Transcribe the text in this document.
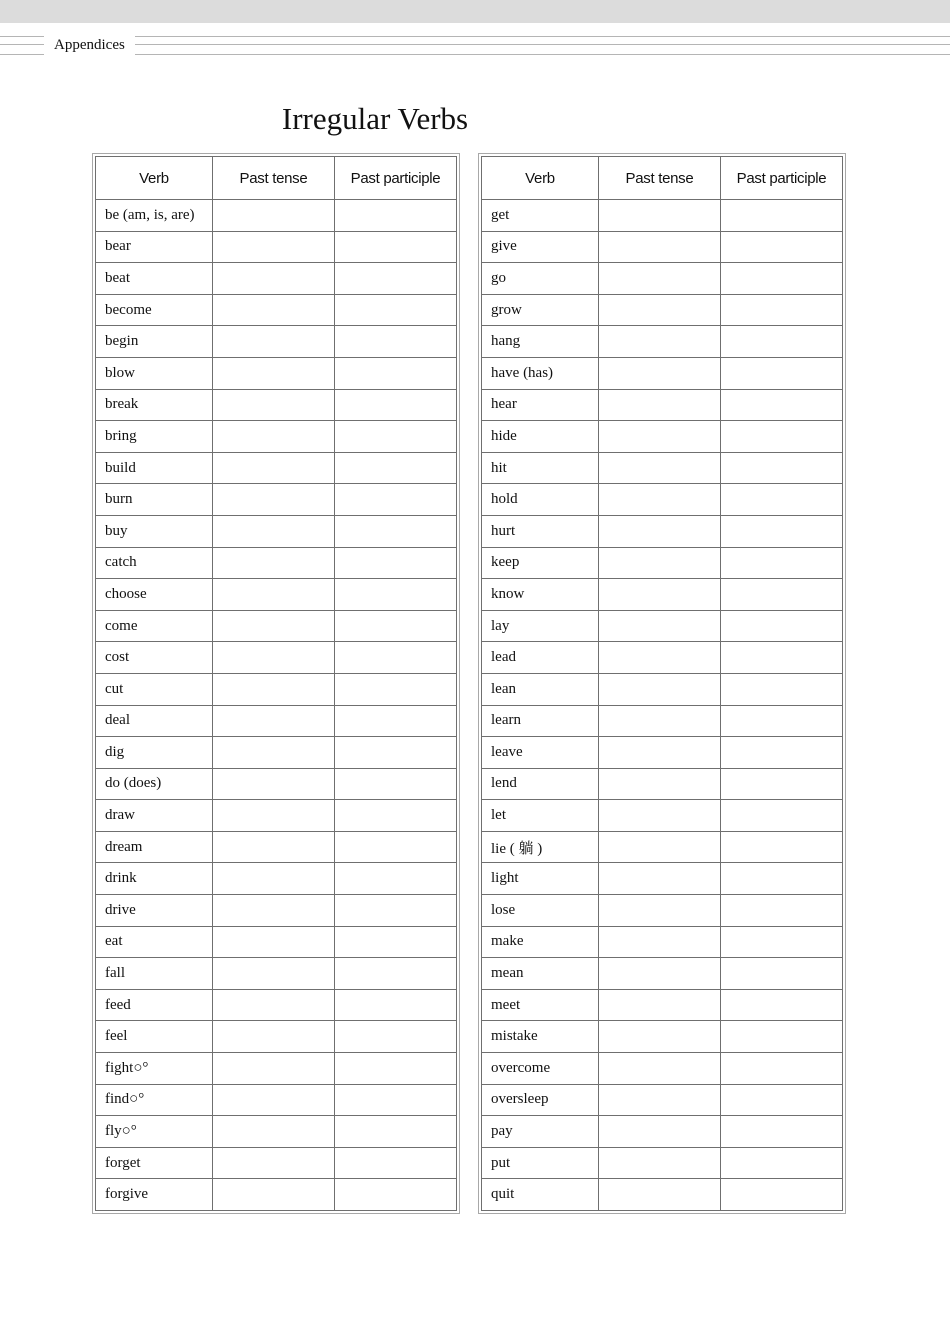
Appendices
Irregular Verbs
Verb	Past tense	Past participle
be (am, is, are)		
bear		
beat		
become		
begin		
blow		
break		
bring		
build		
burn		
buy		
catch		
choose		
come		
cost		
cut		
deal		
dig		
do (does)		
draw		
dream		
drink		
drive		
eat		
fall		
feed		
feel		
fight○°		
find○°		
fly○°		
forget		
forgive		
Verb	Past tense	Past participle
get		
give		
go		
grow		
hang		
have (has)		
hear		
hide		
hit		
hold		
hurt		
keep		
know		
lay		
lead		
lean		
learn		
leave		
lend		
let		
lie ( 躺 )		
light		
lose		
make		
mean		
meet		
mistake		
overcome		
oversleep		
pay		
put		
quit		
